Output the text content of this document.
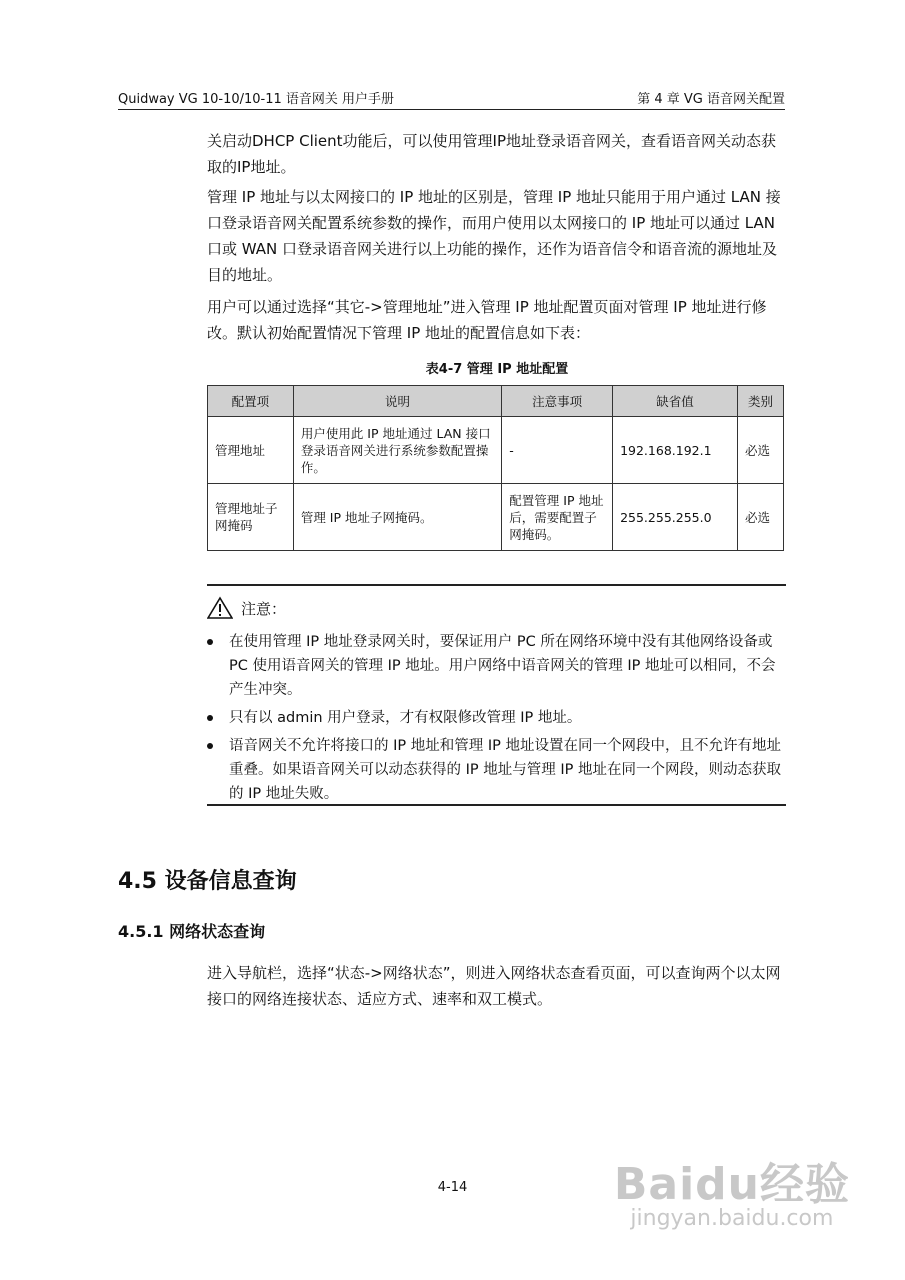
Quidway VG 10-10/10-11 语音网关 用户手册	第 4 章 VG 语音网关配置

关启动DHCP Client功能后，可以使用管理IP地址登录语音网关，查看语音网关动态获取的IP地址。

管理 IP 地址与以太网接口的 IP 地址的区别是，管理 IP 地址只能用于用户通过 LAN 接口登录语音网关配置系统参数的操作，而用户使用以太网接口的 IP 地址可以通过 LAN 口或 WAN 口登录语音网关进行以上功能的操作，还作为语音信令和语音流的源地址及目的地址。

用户可以通过选择“其它->管理地址”进入管理 IP 地址配置页面对管理 IP 地址进行修改。默认初始配置情况下管理 IP 地址的配置信息如下表：

表4-7 管理 IP 地址配置
配置项	说明	注意事项	缺省值	类别
管理地址	用户使用此 IP 地址通过 LAN 接口登录语音网关进行系统参数配置操作。	-	192.168.192.1	必选
管理地址子网掩码	管理 IP 地址子网掩码。	配置管理 IP 地址后，需要配置子网掩码。	255.255.255.0	必选
注意：
在使用管理 IP 地址登录网关时，要保证用户 PC 所在网络环境中没有其他网络设备或 PC 使用语音网关的管理 IP 地址。用户网络中语音网关的管理 IP 地址可以相同，不会产生冲突。
只有以 admin 用户登录，才有权限修改管理 IP 地址。
语音网关不允许将接口的 IP 地址和管理 IP 地址设置在同一个网段中，且不允许有地址重叠。如果语音网关可以动态获得的 IP 地址与管理 IP 地址在同一个网段，则动态获取的 IP 地址失败。
4.5 设备信息查询
4.5.1 网络状态查询

进入导航栏，选择“状态->网络状态”，则进入网络状态查看页面，可以查询两个以太网接口的网络连接状态、适应方式、速率和双工模式。

4-14	Baidu经验
jingyan.baidu.com
